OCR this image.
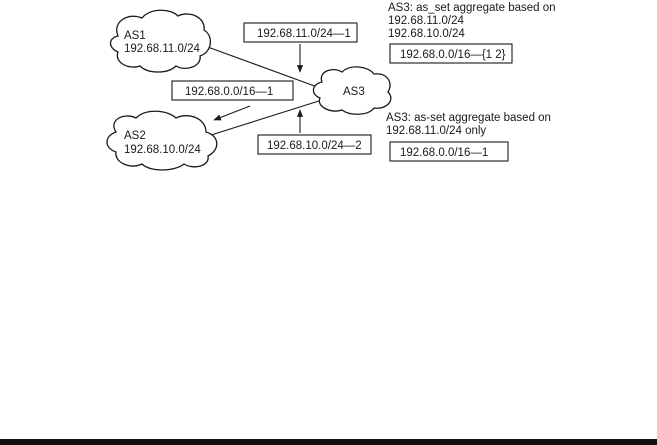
AS1
192.68.11.0/24
AS2
192.68.10.0/24
AS3
192.68.11.0/24—1
192.68.0.0/16—1
192.68.10.0/24—2
AS3: as_set aggregate based on
192.68.11.0/24
192.68.10.0/24
192.68.0.0/16—{1 2}
AS3: as-set aggregate based on
192.68.11.0/24 only
192.68.0.0/16—1
